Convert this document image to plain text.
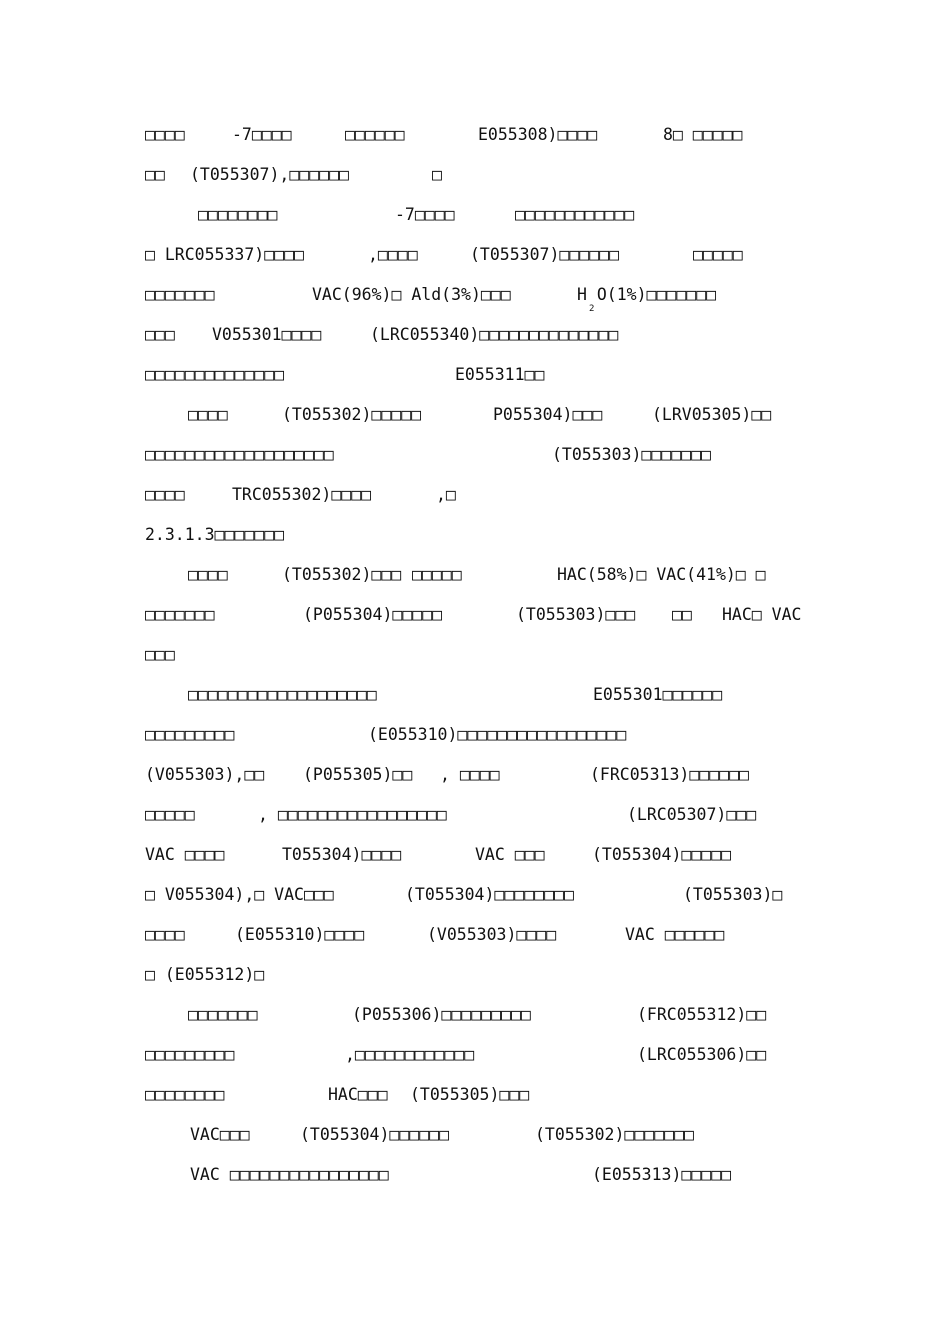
□□□□

	-7□□□□

	□□□□□□

	E055308)□□□□

	8□ □□□□□

□□

(T055307),□□□□□□

	□

□□□□□□□□

	-7□□□□

	□□□□□□□□□□□□

□ LRC055337)□□□□

	,□□□□

	(T055307)□□□□□□

	□□□□□

□□□□□□□

	VAC(96%)□ Ald(3%)□□□

	H O(1%)□□□□□□□

2

□□□

V055301□□□□

	(LRC055340)□□□□□□□□□□□□□□

□□□□□□□□□□□□□□

	E055311□□

□□□□

	(T055302)□□□□□

	P055304)□□□

	(LRV05305)□□

□□□□□□□□□□□□□□□□□□□

	(T055303)□□□□□□□

□□□□

	TRC055302)□□□□

	,□

2.3.1.3□□□□□□□

□□□□

	(T055302)□□□

□□□□□

	HAC(58%)□ VAC(41%)□ □

□□□□□□□

	(P055304)□□□□□

	(T055303)□□□

□□

HAC□ VAC

□□□

□□□□□□□□□□□□□□□□□□□

	E055301□□□□□□

□□□□□□□□□

	(E055310)□□□□□□□□□□□□□□□□□

(V055303),□□

(P055305)□□

, □□□□

	(FRC05313)□□□□□□

□□□□□

	, □□□□□□□□□□□□□□□□□

	(LRC05307)□□□

VAC □□□□

	T055304)□□□□

	VAC □□□

	(T055304)□□□□□

□ V055304),□ VAC□□□

	(T055304)□□□□□□□□

	(T055303)□

□□□□

	(E055310)□□□□

	(V055303)□□□□

	VAC □□□□□□

□ (E055312)□

□□□□□□□

	(P055306)□□□□□□□□□

	(FRC055312)□□

□□□□□□□□□

	,□□□□□□□□□□□□

	(LRC055306)□□

□□□□□□□□

	HAC□□□

(T055305)□□□

VAC□□□

	(T055304)□□□□□□

	(T055302)□□□□□□□

VAC □□□□□□□□□□□□□□□□

	(E055313)□□□□□
